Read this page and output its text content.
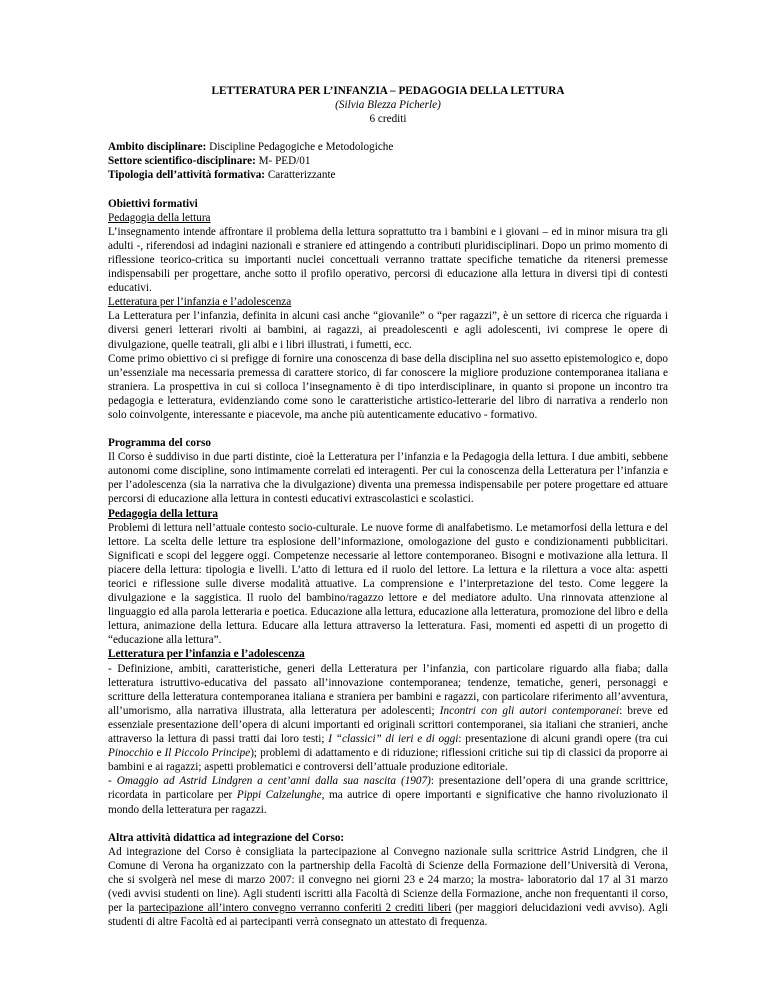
LETTERATURA PER L’INFANZIA – PEDAGOGIA DELLA LETTURA
(Silvia Blezza Picherle)
6 crediti
Ambito disciplinare: Discipline Pedagogiche e Metodologiche
Settore scientifico-disciplinare: M- PED/01
Tipologia dell’attività formativa: Caratterizzante
Obiettivi formativi
Pedagogia della lettura

L’insegnamento intende affrontare il problema della lettura soprattutto tra i bambini e i giovani – ed in minor misura tra gli adulti -, riferendosi ad indagini nazionali e straniere ed attingendo a contributi pluridisciplinari. Dopo un primo momento di riflessione teorico-critica su importanti nuclei concettuali verranno trattate specifiche tematiche da ritenersi premesse indispensabili per progettare, anche sotto il profilo operativo, percorsi di educazione alla lettura in diversi tipi di contesti educativi.

Letteratura per l’infanzia e l’adolescenza

La Letteratura per l’infanzia, definita in alcuni casi anche “giovanile” o “per ragazzi”, è un settore di ricerca che riguarda i diversi generi letterari rivolti ai bambini, ai ragazzi, ai preadolescenti e agli adolescenti, ivi comprese le opere di divulgazione, quelle teatrali, gli albi e i libri illustrati, i fumetti, ecc.

Come primo obiettivo ci si prefigge di fornire una conoscenza di base della disciplina nel suo assetto epistemologico e, dopo un’essenziale ma necessaria premessa di carattere storico, di far conoscere la migliore produzione contemporanea italiana e straniera. La prospettiva in cui si colloca l’insegnamento è di tipo interdisciplinare, in quanto si propone un incontro tra pedagogia e letteratura, evidenziando come sono le caratteristiche artistico-letterarie del libro di narrativa a renderlo non solo coinvolgente, interessante e piacevole, ma anche più autenticamente educativo - formativo.

Programma del corso

Il Corso è suddiviso in due parti distinte, cioè la Letteratura per l’infanzia e la Pedagogia della lettura. I due ambiti, sebbene autonomi come discipline, sono intimamente correlati ed interagenti. Per cui la conoscenza della Letteratura per l’infanzia e per l’adolescenza (sia la narrativa che la divulgazione) diventa una premessa indispensabile per potere progettare ed attuare percorsi di educazione alla lettura in contesti educativi extrascolastici e scolastici.

Pedagogia della lettura

Problemi di lettura nell’attuale contesto socio-culturale. Le nuove forme di analfabetismo. Le metamorfosi della lettura e del lettore. La scelta delle letture tra esplosione dell’informazione, omologazione del gusto e condizionamenti pubblicitari. Significati e scopi del leggere oggi. Competenze necessarie al lettore contemporaneo. Bisogni e motivazione alla lettura. Il piacere della lettura: tipologia e livelli. L’atto di lettura ed il ruolo del lettore. La lettura e la rilettura a voce alta: aspetti teorici e riflessione sulle diverse modalità attuative. La comprensione e l’interpretazione del testo. Come leggere la divulgazione e la saggistica. Il ruolo del bambino/ragazzo lettore e del mediatore adulto. Una rinnovata attenzione al linguaggio ed alla parola letteraria e poetica. Educazione alla lettura, educazione alla letteratura, promozione del libro e della lettura, animazione della lettura. Educare alla lettura attraverso la letteratura. Fasi, momenti ed aspetti di un progetto di “educazione alla lettura”.

Letteratura per l’infanzia e l’adolescenza

- Definizione, ambiti, caratteristiche, generi della Letteratura per l’infanzia, con particolare riguardo alla fiaba; dalla letteratura istruttivo-educativa del passato all’innovazione contemporanea; tendenze, tematiche, generi, personaggi e scritture della letteratura contemporanea italiana e straniera per bambini e ragazzi, con particolare riferimento all’avventura, all’umorismo, alla narrativa illustrata, alla letteratura per adolescenti; Incontri con gli autori contemporanei: breve ed essenziale presentazione dell’opera di alcuni importanti ed originali scrittori contemporanei, sia italiani che stranieri, anche attraverso la lettura di passi tratti dai loro testi; I “classici” di ieri e di oggi: presentazione di alcuni grandi opere (tra cui Pinocchio e Il Piccolo Principe); problemi di adattamento e di riduzione; riflessioni critiche sui tip di classici da proporre ai bambini e ai ragazzi; aspetti problematici e controversi dell’attuale produzione editoriale.

- Omaggio ad Astrid Lindgren a cent’anni dalla sua nascita (1907): presentazione dell’opera di una grande scrittrice, ricordata in particolare per Pippi Calzelunghe, ma autrice di opere importanti e significative che hanno rivoluzionato il mondo della letteratura per ragazzi.

Altra attività didattica ad integrazione del Corso:

Ad integrazione del Corso è consigliata la partecipazione al Convegno nazionale sulla scrittrice Astrid Lindgren, che il Comune di Verona ha organizzato con la partnership della Facoltà di Scienze della Formazione dell’Università di Verona, che si svolgerà nel mese di marzo 2007: il convegno nei giorni 23 e 24 marzo; la mostra- laboratorio dal 17 al 31 marzo (vedi avvisi studenti on line). Agli studenti iscritti alla Facoltà di Scienze della Formazione, anche non frequentanti il corso, per la partecipazione all’intero convegno verranno conferiti 2 crediti liberi (per maggiori delucidazioni vedi avviso). Agli studenti di altre Facoltà ed ai partecipanti verrà consegnato un attestato di frequenza.
